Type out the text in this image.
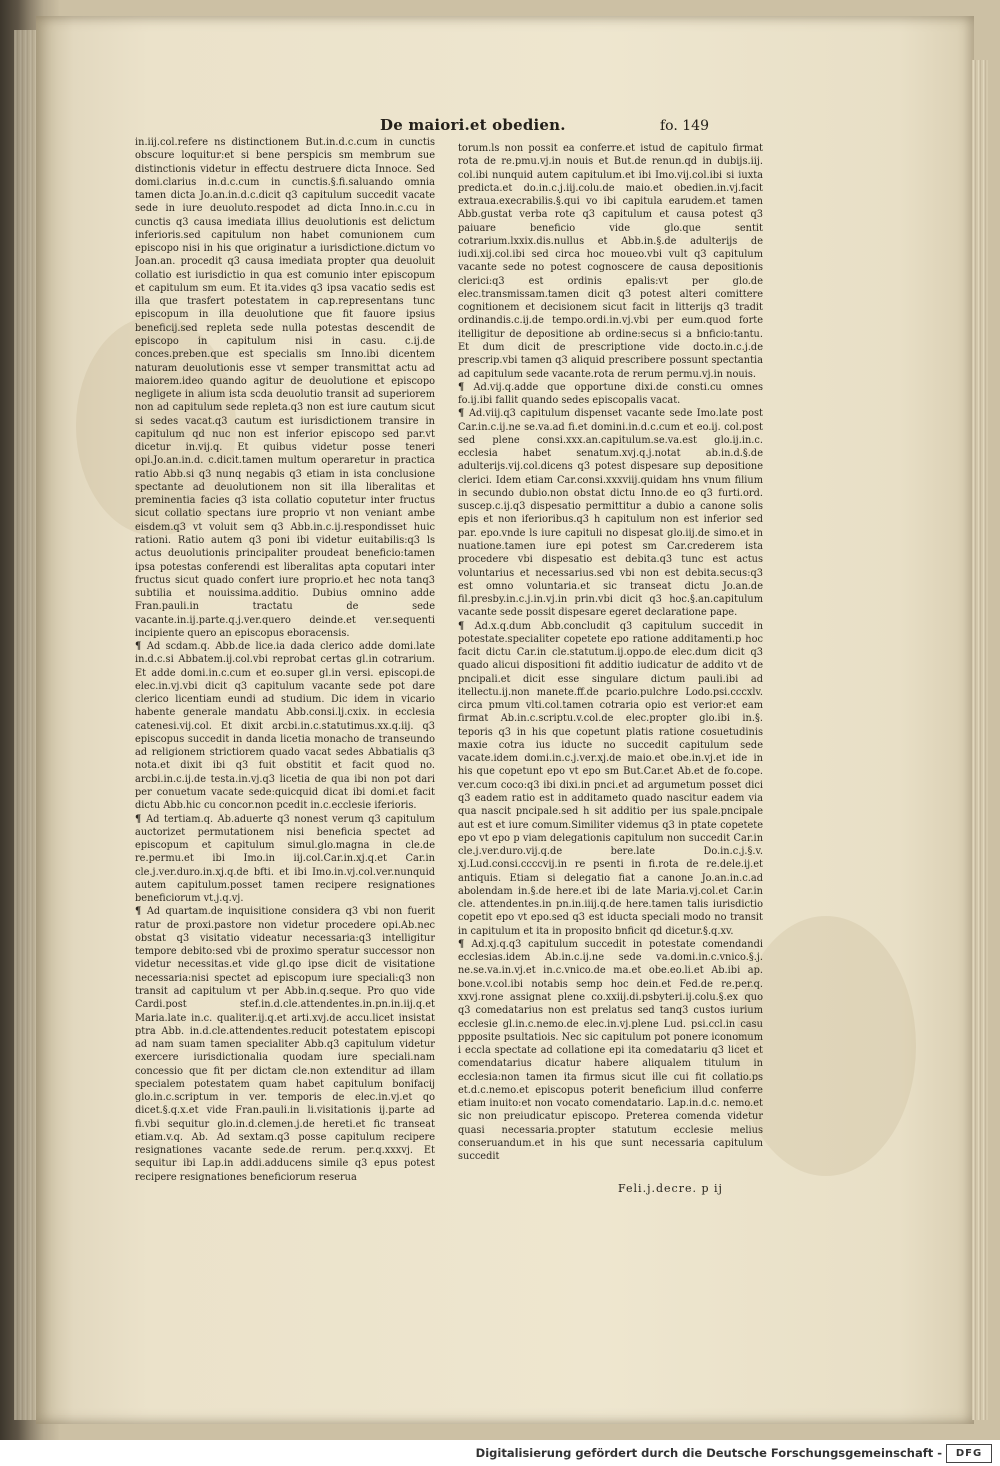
De maiori.et obedien.	fo. 149

in.iij.col.refere ns distinctionem But.in.d.c.cum in cunctis obscure loquitur:et si bene perspicis sm membrum sue distinctionis videtur in effectu destruere dicta Innoce. Sed domi.clarius in.d.c.cum in cunctis.§.fi.saluando omnia tamen dicta Jo.an.in.d.c.dicit q3 capitulum succedit vacate sede in iure deuoluto.respodet ad dicta Inno.in.c.cu in cunctis q3 causa imediata illius deuolutionis est delictum inferioris.sed capitulum non habet comunionem cum episcopo nisi in his que originatur a iurisdictione.dictum vo Joan.an. procedit q3 causa imediata propter qua deuoluit collatio est iurisdictio in qua est comunio inter episcopum et capitulum sm eum. Et ita.vides q3 ipsa vacatio sedis est illa que trasfert potestatem in cap.representans tunc episcopum in illa deuolutione que fit fauore ipsius beneficij.sed repleta sede nulla potestas descendit de episcopo in capitulum nisi in casu. c.ij.de conces.preben.que est specialis sm Inno.ibi dicentem naturam deuolutionis esse vt semper transmittat actu ad maiorem.ideo quando agitur de deuolutione et episcopo negligete in alium ista scda deuolutio transit ad superiorem non ad capitulum sede repleta.q3 non est iure cautum sicut si sedes vacat.q3 cautum est iurisdictionem transire in capitulum qd nuc non est inferior episcopo sed par.vt dicetur in.vij.q. Et quibus videtur posse teneri opi.Jo.an.in.d. c.dicit.tamen multum operaretur in practica ratio Abb.si q3 nunq negabis q3 etiam in ista conclusione spectante ad deuolutionem non sit illa liberalitas et preminentia facies q3 ista collatio coputetur inter fructus sicut collatio spectans iure proprio vt non veniant ambe eisdem.q3 vt voluit sem q3 Abb.in.c.ij.respondisset huic rationi. Ratio autem q3 poni ibi videtur euitabilis:q3 ls actus deuolutionis principaliter proudeat beneficio:tamen ipsa potestas conferendi est liberalitas apta coputari inter fructus sicut quado confert iure proprio.et hec nota tanq3 subtilia et nouissima.additio. Dubius omnino adde Fran.pauli.in tractatu de sede vacante.in.ij.parte.q.j.ver.quero deinde.et ver.sequenti incipiente quero an episcopus eboracensis.

¶ Ad scdam.q. Abb.de lice.ia dada clerico adde domi.late in.d.c.si Abbatem.ij.col.vbi reprobat certas gl.in cotrarium. Et adde domi.in.c.cum et eo.super gl.in versi. episcopi.de elec.in.vj.vbi dicit q3 capitulum vacante sede pot dare clerico licentiam eundi ad studium. Dic idem in vicario habente generale mandatu Abb.consi.lj.cxix. in ecclesia catenesi.vij.col. Et dixit arcbi.in.c.statutimus.xx.q.iij. q3 episcopus succedit in danda licetia monacho de transeundo ad religionem strictiorem quado vacat sedes Abbatialis q3 nota.et dixit ibi q3 fuit obstitit et facit quod no. arcbi.in.c.ij.de testa.in.vj.q3 licetia de qua ibi non pot dari per conuetum vacate sede:quicquid dicat ibi domi.et facit dictu Abb.hic cu concor.non pcedit in.c.ecclesie iferioris.

¶ Ad tertiam.q. Ab.aduerte q3 nonest verum q3 capitulum auctorizet permutationem nisi beneficia spectet ad episcopum et capitulum simul.glo.magna in cle.de re.permu.et ibi Imo.in iij.col.Car.in.xj.q.et Car.in cle.j.ver.duro.in.xj.q.de bfti. et ibi Imo.in.vj.col.ver.nunquid autem capitulum.posset tamen recipere resignationes beneficiorum vt.j.q.vj.

¶ Ad quartam.de inquisitione considera q3 vbi non fuerit ratur de proxi.pastore non videtur procedere opi.Ab.nec obstat q3 visitatio videatur necessaria:q3 intelligitur tempore debito:sed vbi de proximo speratur successor non videtur necessitas.et vide gl.qo ipse dicit de visitatione necessaria:nisi spectet ad episcopum iure speciali:q3 non transit ad capitulum vt per Abb.in.q.seque. Pro quo vide Cardi.post stef.in.d.cle.attendentes.in.pn.in.iij.q.et Maria.late in.c. qualiter.ij.q.et arti.xvj.de accu.licet insistat ptra Abb. in.d.cle.attendentes.reducit potestatem episcopi ad nam suam tamen specialiter Abb.q3 capitulum videtur exercere iurisdictionalia quodam iure speciali.nam concessio que fit per dictam cle.non extenditur ad illam specialem potestatem quam habet capitulum bonifacij glo.in.c.scriptum in ver. temporis de elec.in.vj.et qo dicet.§.q.x.et vide Fran.pauli.in li.visitationis ij.parte ad fi.vbi sequitur glo.in.d.clemen.j.de hereti.et fic transeat etiam.v.q. Ab. Ad sextam.q3 posse capitulum recipere resignationes vacante sede.de rerum. per.q.xxxvj. Et sequitur ibi Lap.in addi.adducens simile q3 epus potest recipere resignationes beneficiorum reserua

torum.ls non possit ea conferre.et istud de capitulo firmat rota de re.pmu.vj.in nouis et But.de renun.qd in dubijs.iij. col.ibi nunquid autem capitulum.et ibi Imo.vij.col.ibi si iuxta predicta.et do.in.c.j.iij.colu.de maio.et obedien.in.vj.facit extraua.execrabilis.§.qui vo ibi capitula earudem.et tamen Abb.gustat verba rote q3 capitulum et causa potest q3 paiuare beneficio vide glo.que sentit cotrarium.lxxix.dis.nullus et Abb.in.§.de adulterijs de iudi.xij.col.ibi sed circa hoc moueo.vbi vult q3 capitulum vacante sede no potest cognoscere de causa depositionis clerici:q3 est ordinis epalis:vt per glo.de elec.transmissam.tamen dicit q3 potest alteri comittere cognitionem et decisionem sicut facit in litterijs q3 tradit ordinandis.c.ij.de tempo.ordi.in.vj.vbi per eum.quod forte itelligitur de depositione ab ordine:secus si a bnficio:tantu. Et dum dicit de prescriptione vide docto.in.c.j.de prescrip.vbi tamen q3 aliquid prescribere possunt spectantia ad capitulum sede vacante.rota de rerum permu.vj.in nouis.

¶ Ad.vij.q.adde que opportune dixi.de consti.cu omnes fo.ij.ibi fallit quando sedes episcopalis vacat.

¶ Ad.viij.q3 capitulum dispenset vacante sede Imo.late post Car.in.c.ij.ne se.va.ad fi.et domini.in.d.c.cum et eo.ij. col.post sed plene consi.xxx.an.capitulum.se.va.est glo.ij.in.c. ecclesia habet senatum.xvj.q.j.notat ab.in.d.§.de adulterijs.vij.col.dicens q3 potest dispesare sup depositione clerici. Idem etiam Car.consi.xxxviij.quidam hns vnum filium in secundo dubio.non obstat dictu Inno.de eo q3 furti.ord. suscep.c.ij.q3 dispesatio permittitur a dubio a canone solis epis et non iferioribus.q3 h capitulum non est inferior sed par. epo.vnde ls iure capituli no dispesat glo.iij.de simo.et in nuatione.tamen iure epi potest sm Car.crederem ista procedere vbi dispesatio est debita.q3 tunc est actus voluntarius et necessarius.sed vbi non est debita.secus:q3 est omno voluntaria.et sic transeat dictu Jo.an.de fil.presby.in.c.j.in.vj.in prin.vbi dicit q3 hoc.§.an.capitulum vacante sede possit dispesare egeret declaratione pape.

¶ Ad.x.q.dum Abb.concludit q3 capitulum succedit in potestate.specialiter copetete epo ratione additamenti.p hoc facit dictu Car.in cle.statutum.ij.oppo.de elec.dum dicit q3 quado alicui dispositioni fit additio iudicatur de addito vt de pncipali.et dicit esse singulare dictum pauli.ibi ad itellectu.ij.non manete.ff.de pcario.pulchre Lodo.psi.cccxlv. circa pmum vlti.col.tamen cotraria opio est verior:et eam firmat Ab.in.c.scriptu.v.col.de elec.propter glo.ibi in.§. teporis q3 in his que copetunt platis ratione cosuetudinis maxie cotra ius iducte no succedit capitulum sede vacate.idem domi.in.c.j.ver.xj.de maio.et obe.in.vj.et ide in his que copetunt epo vt epo sm But.Car.et Ab.et de fo.cope. ver.cum coco:q3 ibi dixi.in pnci.et ad argumetum posset dici q3 eadem ratio est in additameto quado nascitur eadem via qua nascit pncipale.sed h sit additio per ius spale.pncipale aut est et iure comum.Similiter videmus q3 in ptate copetete epo vt epo p viam delegationis capitulum non succedit Car.in cle.j.ver.duro.vij.q.de bere.late Do.in.c.j.§.v. xj.Lud.consi.ccccvij.in re psenti in fi.rota de re.dele.ij.et antiquis. Etiam si delegatio fiat a canone Jo.an.in.c.ad abolendam in.§.de here.et ibi de late Maria.vj.col.et Car.in cle. attendentes.in pn.in.iiij.q.de here.tamen talis iurisdictio copetit epo vt epo.sed q3 est iducta speciali modo no transit in capitulum et ita in proposito bnficit qd dicetur.§.q.xv.

¶ Ad.xj.q.q3 capitulum succedit in potestate comendandi ecclesias.idem Ab.in.c.ij.ne sede va.domi.in.c.vnico.§.j. ne.se.va.in.vj.et in.c.vnico.de ma.et obe.eo.li.et Ab.ibi ap. bone.v.col.ibi notabis semp hoc dein.et Fed.de re.per.q. xxvj.rone assignat plene co.xxiij.di.psbyteri.ij.colu.§.ex quo q3 comedatarius non est prelatus sed tanq3 custos iurium ecclesie gl.in.c.nemo.de elec.in.vj.plene Lud. psi.ccl.in casu ppposite psultatiois. Nec sic capitulum pot ponere iconomum i eccla spectate ad collatione epi ita comedatariu q3 licet et comendatarius dicatur habere aliqualem titulum in ecclesia:non tamen ita firmus sicut ille cui fit collatio.ps et.d.c.nemo.et episcopus poterit beneficium illud conferre etiam inuito:et non vocato comendatario. Lap.in.d.c. nemo.et sic non preiudicatur episcopo. Preterea comenda videtur quasi necessaria.propter statutum ecclesie melius conseruandum.et in his que sunt necessaria capitulum succedit

Feli.j.decre. p ij
Digitalisierung gefördert durch die Deutsche Forschungsgemeinschaft -	DFG
